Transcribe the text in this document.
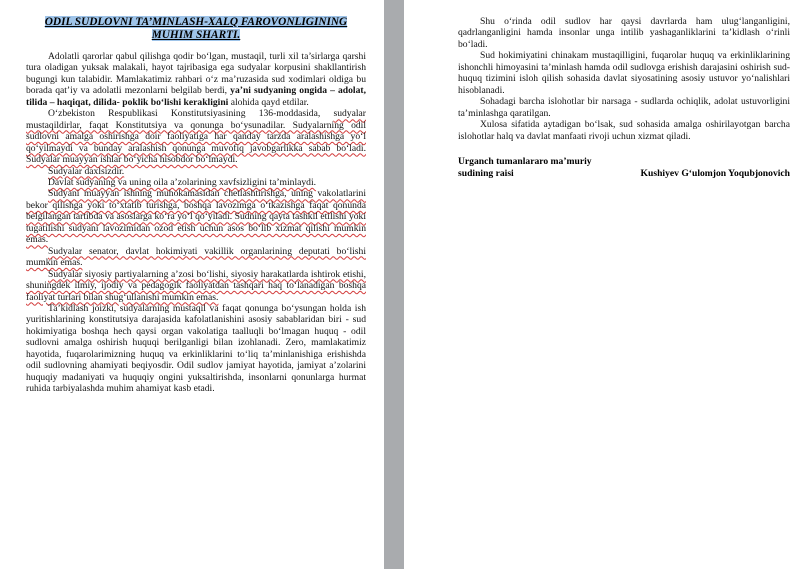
ODIL SUDLOVNI TA’MINLASH-XALQ FAROVONLIGINING
MUHIM SHARTI.

Adolatli qarorlar qabul qilishga qodir bo‘lgan, mustaqil, turli xil ta’sirlarga qarshi tura oladigan yuksak malakali, hayot tajribasiga ega sudyalar korpusini shakllantirish bugungi kun talabidir. Mamlakatimiz rahbari o‘z ma’ruzasida sud xodimlari oldiga bu borada qat’iy va adolatli mezonlarni belgilab berdi, ya’ni sudyaning ongida – adolat, tilida – haqiqat, dilida- poklik bo‘lishi kerakligini alohida qayd etdilar.

O‘zbekiston Respublikasi Konstitutsiyasining 136-moddasida, sudyalar mustaqildirlar, faqat Konstitutsiya va qonunga bo‘ysunadilar. Sudyalarning odil sudlovni amalga oshirishga doir faoliyatiga har qanday tarzda aralashishga yo‘l qo‘yilmaydi va bunday aralashish qonunga muvofiq javobgarlikka sabab bo‘ladi. Sudyalar muayyan ishlar bo‘yicha hisobdor bo‘lmaydi.

Sudyalar daxlsizdir.

Davlat sudyaning va uning oila a’zolarining xavfsizligini ta’minlaydi.

Sudyani muayyan ishning muhokamasidan chetlashtirishga, uning vakolatlarini bekor qilishga yoki to‘xtatib turishga, boshqa lavozimga o‘tkazishga faqat qonunda belgilangan tartibda va asoslarga ko‘ra yo‘l qo‘yiladi. Sudning qayta tashkil etilishi yoki tugatilishi sudyani lavozimidan ozod etish uchun asos bo‘lib xizmat qilishi mumkin emas.

Sudyalar senator, davlat hokimiyati vakillik organlarining deputati bo‘lishi mumkin emas.

Sudyalar siyosiy partiyalarning a’zosi bo‘lishi, siyosiy harakatlarda ishtirok etishi, shuningdek ilmiy, ijodiy va pedagogik faoliyatdan tashqari haq to‘lanadigan boshqa faoliyat turlari bilan shug‘ullanishi mumkin emas.

Ta’kidlash joizki, sudyalarning mustaqil va faqat qonunga bo‘ysungan holda ish yuritishlarining konstitutsiya darajasida kafolatlanishini asosiy sabablaridan biri - sud hokimiyatiga boshqa hech qaysi organ vakolatiga taalluqli bo‘lmagan huquq - odil sudlovni amalga oshirish huquqi berilganligi bilan izohlanadi. Zero, mamlakatimiz hayotida, fuqarolarimizning huquq va erkinliklarini to‘liq ta’minlanishiga erishishda odil sudlovning ahamiyati beqiyosdir. Odil sudlov jamiyat hayotida, jamiyat a’zolarini huquqiy madaniyati va huquqiy ongini yuksaltirishda, insonlarni qonunlarga hurmat ruhida tarbiyalashda muhim ahamiyat kasb etadi.

Shu o‘rinda odil sudlov har qaysi davrlarda ham ulug‘langanligini, qadrlanganligini hamda insonlar unga intilib yashaganliklarini ta’kidlash o‘rinli bo‘ladi.

Sud hokimiyatini chinakam mustaqilligini, fuqarolar huquq va erkinliklarining ishonchli himoyasini ta’minlash hamda odil sudlovga erishish darajasini oshirish sud-huquq tizimini isloh qilish sohasida davlat siyosatining asosiy ustuvor yo‘nalishlari hisoblanadi.

Sohadagi barcha islohotlar bir narsaga - sudlarda ochiqlik, adolat ustuvorligini ta’minlashga qaratilgan.

Xulosa sifatida aytadigan bo‘lsak, sud sohasida amalga oshirilayotgan barcha islohotlar halq va davlat manfaati rivoji uchun xizmat qiladi.

Urganch tumanlararo ma’muriy
sudining raisi	Kushiyev G‘ulomjon Yoqubjonovich
